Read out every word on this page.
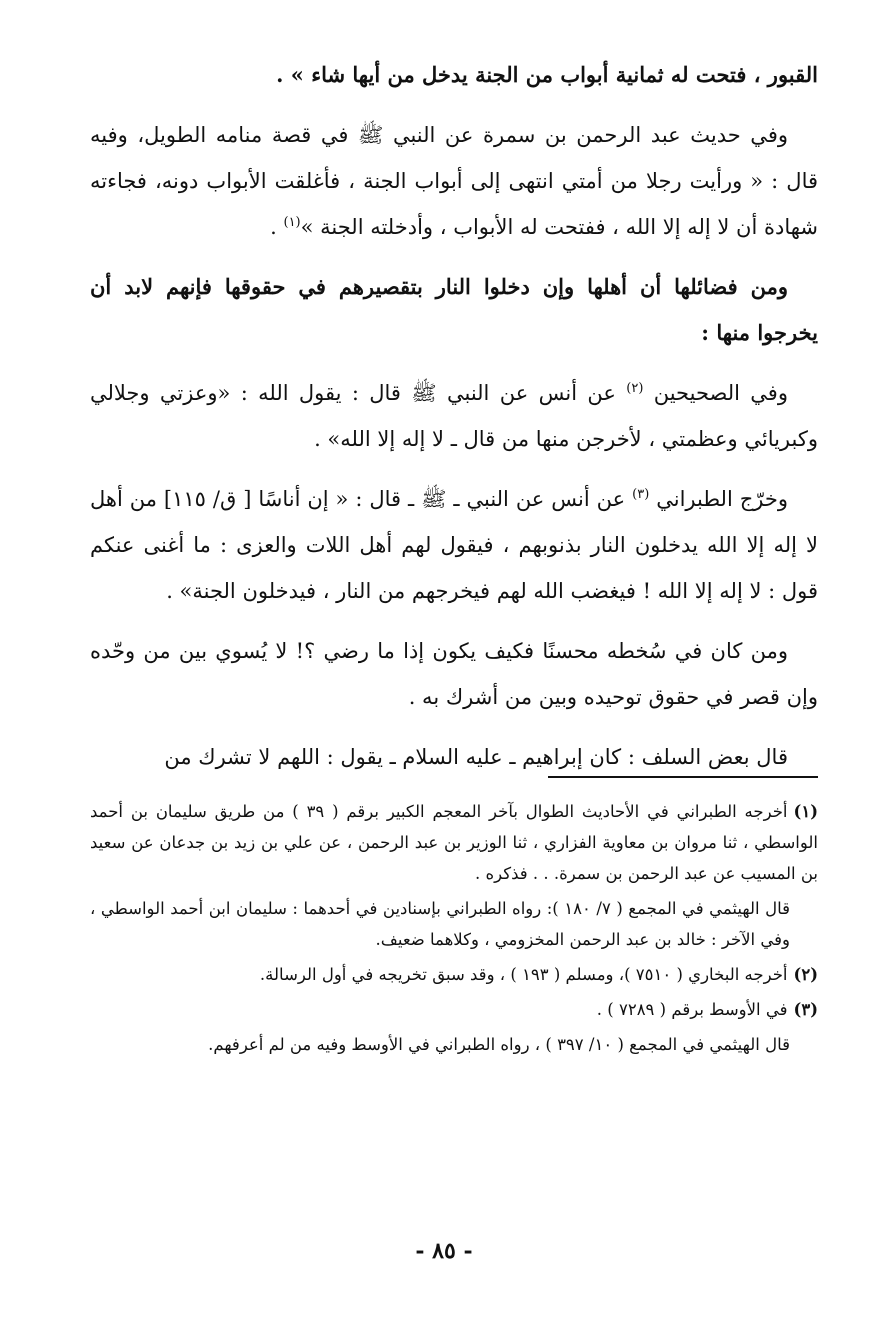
القبور ، فتحت له ثمانية أبواب من الجنة يدخل من أيها شاء » .

وفي حديث عبد الرحمن بن سمرة عن النبي ﷺ في قصة منامه الطويل، وفيه قال : « ورأيت رجلا من أمتي انتهى إلى أبواب الجنة ، فأغلقت الأبواب دونه، فجاءته شهادة أن لا إله إلا الله ، ففتحت له الأبواب ، وأدخلته الجنة »$^{(١)}$ .

ومن فضائلها أن أهلها وإن دخلوا النار بتقصيرهم في حقوقها فإنهم لابد أن يخرجوا منها :

وفي الصحيحين $^{(٢)}$ عن أنس عن النبي ﷺ قال : يقول الله : «وعزتي وجلالي وكبريائي وعظمتي ، لأخرجن منها من قال ـ لا إله إلا الله» .

وخرّج الطبراني $^{(٣)}$ عن أنس عن النبي ـ ﷺ ـ قال : « إن أناسًا [ ق/ ١١٥] من أهل لا إله إلا الله يدخلون النار بذنوبهم ، فيقول لهم أهل اللات والعزى : ما أغنى عنكم قول : لا إله إلا الله ! فيغضب الله لهم فيخرجهم من النار ، فيدخلون الجنة» .

ومن كان في سُخطه محسنًا فكيف يكون إذا ما رضي ؟! لا يُسوي بين من وحّده وإن قصر في حقوق توحيده وبين من أشرك به .

قال بعض السلف : كان إبراهيم ـ عليه السلام ـ يقول : اللهم لا تشرك من

(١)أخرجه الطبراني في الأحاديث الطوال بآخر المعجم الكبير برقم ( ٣٩ ) من طريق سليمان بن أحمد الواسطي ، ثنا مروان بن معاوية الفزاري ، ثنا الوزير بن عبد الرحمن ، عن علي بن زيد بن جدعان عن سعيد بن المسيب عن عبد الرحمن بن سمرة. . . فذكره .
قال الهيثمي في المجمع ( ٧/ ١٨٠ ): رواه الطبراني بإسنادين في أحدهما : سليمان ابن أحمد الواسطي ، وفي الآخر : خالد بن عبد الرحمن المخزومي ، وكلاهما ضعيف.
(٢)أخرجه البخاري ( ٧٥١٠ )، ومسلم ( ١٩٣ ) ، وقد سبق تخريجه في أول الرسالة.
(٣)في الأوسط برقم ( ٧٢٨٩ ) .
قال الهيثمي في المجمع ( ١٠/ ٣٩٧ ) ، رواه الطبراني في الأوسط وفيه من لم أعرفهم.
- ٨٥ -
